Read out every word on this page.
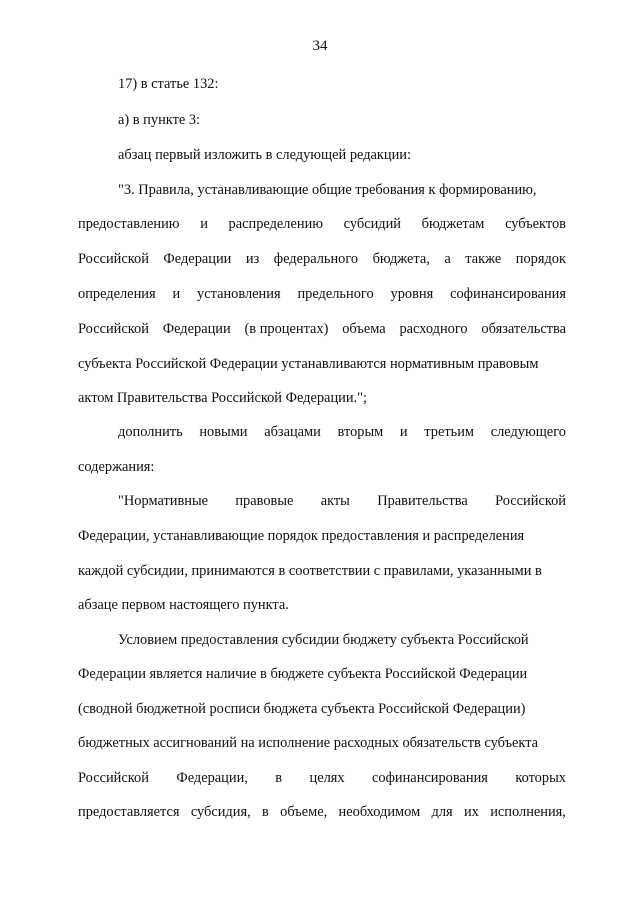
34
17) в статье 132:
а) в пункте 3:
абзац первый изложить в следующей редакции:
"3. Правила, устанавливающие общие требования к формированию,
предоставлению и распределению субсидий бюджетам субъектов
Российской Федерации из федерального бюджета, а также порядок
определения и установления предельного уровня софинансирования
Российской Федерации (в процентах) объема расходного обязательства
субъекта Российской Федерации устанавливаются нормативным правовым
актом Правительства Российской Федерации.";
дополнить новыми абзацами вторым и третьим следующего
содержания:
"Нормативные правовые акты Правительства Российской
Федерации, устанавливающие порядок предоставления и распределения
каждой субсидии, принимаются в соответствии с правилами, указанными в
абзаце первом настоящего пункта.
Условием предоставления субсидии бюджету субъекта Российской
Федерации является наличие в бюджете субъекта Российской Федерации
(сводной бюджетной росписи бюджета субъекта Российской Федерации)
бюджетных ассигнований на исполнение расходных обязательств субъекта
Российской Федерации, в целях софинансирования которых
предоставляется субсидия, в объеме, необходимом для их исполнения,
